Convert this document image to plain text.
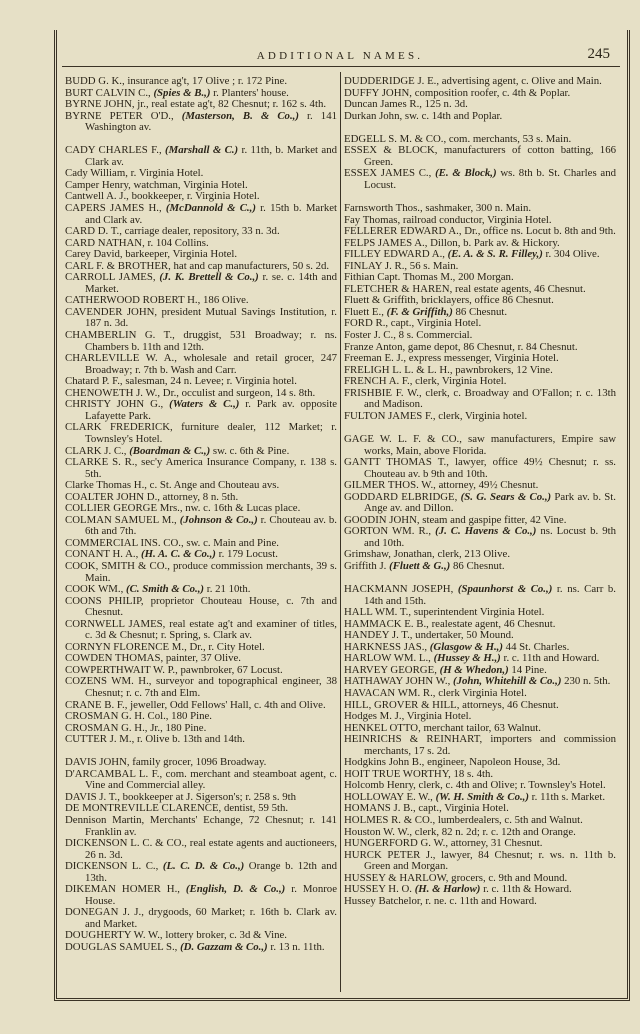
ADDITIONAL NAMES.	245

BUDD G. K., insurance ag't, 17 Olive ; r. 172 Pine.

BURT CALVIN C., (Spies & B.,) r. Planters' house.

BYRNE JOHN, jr., real estate ag't, 82 Chesnut; r. 162 s. 4th.

BYRNE PETER O'D., (Masterson, B. & Co.,) r. 141 Washington av.

CADY CHARLES F., (Marshall & C.) r. 11th, b. Market and Clark av.

Cady William, r. Virginia Hotel.

Camper Henry, watchman, Virginia Hotel.

Cantwell A. J., bookkeeper, r. Virginia Hotel.

CAPERS JAMES H., (McDannold & C.,) r. 15th b. Market and Clark av.

CARD D. T., carriage dealer, repository, 33 n. 3d.

CARD NATHAN, r. 104 Collins.

Carey David, barkeeper, Virginia Hotel.

CARL F. & BROTHER, hat and cap manufacturers, 50 s. 2d.

CARROLL JAMES, (J. K. Brettell & Co.,) r. se. c. 14th and Market.

CATHERWOOD ROBERT H., 186 Olive.

CAVENDER JOHN, president Mutual Savings Institution, r. 187 n. 3d.

CHAMBERLIN G. T., druggist, 531 Broadway; r. ns. Chambers b. 11th and 12th.

CHARLEVILLE W. A., wholesale and retail grocer, 247 Broadway; r. 7th b. Wash and Carr.

Chatard P. F., salesman, 24 n. Levee; r. Virginia hotel.

CHENOWETH J. W., Dr., occulist and surgeon, 14 s. 8th.

CHRISTY JOHN G., (Waters & C.,) r. Park av. opposite Lafayette Park.

CLARK FREDERICK, furniture dealer, 112 Market; r. Townsley's Hotel.

CLARK J. C., (Boardman & C.,) sw. c. 6th & Pine.

CLARKE S. R., sec'y America Insurance Company, r. 138 s. 5th.

Clarke Thomas H., c. St. Ange and Chouteau avs.

COALTER JOHN D., attorney, 8 n. 5th.

COLLIER GEORGE Mrs., nw. c. 16th & Lucas place.

COLMAN SAMUEL M., (Johnson & Co.,) r. Chouteau av. b. 6th and 7th.

COMMERCIAL INS. CO., sw. c. Main and Pine.

CONANT H. A., (H. A. C. & Co.,) r. 179 Locust.

COOK, SMITH & CO., produce commission merchants, 39 s. Main.

COOK WM., (C. Smith & Co.,) r. 21 10th.

COONS PHILIP, proprietor Chouteau House, c. 7th and Chesnut.

CORNWELL JAMES, real estate ag't and examiner of titles, c. 3d & Chesnut; r. Spring, s. Clark av.

CORNYN FLORENCE M., Dr., r. City Hotel.

COWDEN THOMAS, painter, 37 Olive.

COWPERTHWAIT W. P., pawnbroker, 67 Locust.

COZENS WM. H., surveyor and topographical engineer, 38 Chesnut; r. c. 7th and Elm.

CRANE B. F., jeweller, Odd Fellows' Hall, c. 4th and Olive.

CROSMAN G. H. Col., 180 Pine.

CROSMAN G. H., Jr., 180 Pine.

CUTTER J. M., r. Olive b. 13th and 14th.

DAVIS JOHN, family grocer, 1096 Broadway.

D'ARCAMBAL L. F., com. merchant and steamboat agent, c. Vine and Commercial alley.

DAVIS J. T., bookkeeper at J. Sigerson's; r. 258 s. 9th

DE MONTREVILLE CLARENCE, dentist, 59 5th.

Dennison Martin, Merchants' Echange, 72 Chesnut; r. 141 Franklin av.

DICKENSON L. C. & CO., real estate agents and auctioneers, 26 n. 3d.

DICKENSON L. C., (L. C. D. & Co.,) Orange b. 12th and 13th.

DIKEMAN HOMER H., (English, D. & Co.,) r. Monroe House.

DONEGAN J. J., drygoods, 60 Market; r. 16th b. Clark av. and Market.

DOUGHERTY W. W., lottery broker, c. 3d & Vine.

DOUGLAS SAMUEL S., (D. Gazzam & Co.,) r. 13 n. 11th.

DUDDERIDGE J. E., advertising agent, c. Olive and Main.

DUFFY JOHN, composition roofer, c. 4th & Poplar.

Duncan James R., 125 n. 3d.

Durkan John, sw. c. 14th and Poplar.

EDGELL S. M. & CO., com. merchants, 53 s. Main.

ESSEX & BLOCK, manufacturers of cotton batting, 166 Green.

ESSEX JAMES C., (E. & Block,) ws. 8th b. St. Charles and Locust.

Farnsworth Thos., sashmaker, 300 n. Main.

Fay Thomas, railroad conductor, Virginia Hotel.

FELLERER EDWARD A., Dr., office ns. Locut b. 8th and 9th.

FELPS JAMES A., Dillon, b. Park av. & Hickory.

FILLEY EDWARD A., (E. A. & S. R. Filley,) r. 304 Olive.

FINLAY J. R., 56 s. Main.

Fithian Capt. Thomas M., 200 Morgan.

FLETCHER & HAREN, real estate agents, 46 Chesnut.

Fluett & Griffith, bricklayers, office 86 Chesnut.

Fluett E., (F. & Griffith,) 86 Chesnut.

FORD R., capt., Virginia Hotel.

Foster J. C., 8 s. Commercial.

Franze Anton, game depot, 86 Chesnut, r. 84 Chesnut.

Freeman E. J., express messenger, Virginia Hotel.

FRELIGH L. L. & L. H., pawnbrokers, 12 Vine.

FRENCH A. F., clerk, Virginia Hotel.

FRISHBIE F. W., clerk, c. Broadway and O'Fallon; r. c. 13th and Madison.

FULTON JAMES F., clerk, Virginia hotel.

GAGE W. L. F. & CO., saw manufacturers, Empire saw works, Main, above Florida.

GANTT THOMAS T., lawyer, office 49½ Chesnut; r. ss. Chouteau av. b 9th and 10th.

GILMER THOS. W., attorney, 49½ Chesnut.

GODDARD ELBRIDGE, (S. G. Sears & Co.,) Park av. b. St. Ange av. and Dillon.

GOODIN JOHN, steam and gaspipe fitter, 42 Vine.

GORTON WM. R., (J. C. Havens & Co.,) ns. Locust b. 9th and 10th.

Grimshaw, Jonathan, clerk, 213 Olive.

Griffith J. (Fluett & G.,) 86 Chesnut.

HACKMANN JOSEPH, (Spaunhorst & Co.,) r. ns. Carr b. 14th and 15th.

HALL WM. T., superintendent Virginia Hotel.

HAMMACK E. B., realestate agent, 46 Chesnut.

HANDEY J. T., undertaker, 50 Mound.

HARKNESS JAS., (Glasgow & H.,) 44 St. Charles.

HARLOW WM. L., (Hussey & H.,) r. c. 11th and Howard.

HARVEY GEORGE, (H & Whedon,) 14 Pine.

HATHAWAY JOHN W., (John, Whitehill & Co.,) 230 n. 5th.

HAVACAN WM. R., clerk Virginia Hotel.

HILL, GROVER & HILL, attorneys, 46 Chesnut.

Hodges M. J., Virginia Hotel.

HENKEL OTTO, merchant tailor, 63 Walnut.

HEINRICHS & REINHART, importers and commission merchants, 17 s. 2d.

Hodgkins John B., engineer, Napoleon House, 3d.

HOIT TRUE WORTHY, 18 s. 4th.

Holcomb Henry, clerk, c. 4th and Olive; r. Townsley's Hotel.

HOLLOWAY E. W., (W. H. Smith & Co.,) r. 11th s. Market.

HOMANS J. B., capt., Virginia Hotel.

HOLMES R. & CO., lumberdealers, c. 5th and Walnut.

Houston W. W., clerk, 82 n. 2d; r. c. 12th and Orange.

HUNGERFORD G. W., attorney, 31 Chesnut.

HURCK PETER J., lawyer, 84 Chesnut; r. ws. n. 11th b. Green and Morgan.

HUSSEY & HARLOW, grocers, c. 9th and Mound.

HUSSEY H. O. (H. & Harlow) r. c. 11th & Howard.

Hussey Batchelor, r. ne. c. 11th and Howard.
